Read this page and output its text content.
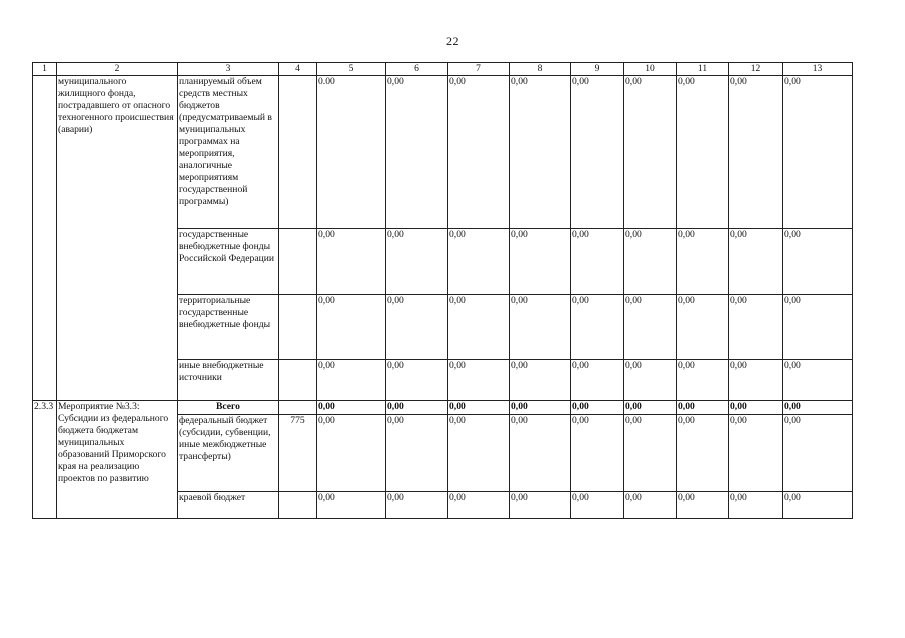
22
1	2	3	4	5	6	7	8	9	10	11	12	13
	муниципального жилищного фонда, пострадавшего от опасного техногенного происшествия (аварии)	планируемый объем средств местных бюджетов (предусматриваемый в муниципальных программах на мероприятия, аналогичные мероприятиям государственной программы)		0.00	0,00	0,00	0,00	0,00	0,00	0,00	0,00	0,00
		государственные внебюджетные фонды Российской Федерации		0,00	0,00	0,00	0,00	0,00	0,00	0,00	0,00	0,00
		территориальные государственные внебюджетные фонды		0,00	0,00	0,00	0,00	0,00	0,00	0,00	0,00	0,00
		иные внебюджетные источники		0,00	0,00	0,00	0,00	0,00	0,00	0,00	0,00	0,00
2.3.3	Мероприятие №3.3: Субсидии из федерального бюджета бюджетам муниципальных образований Приморского края на реализацию проектов по развитию	Всего		0,00	0,00	0,00	0,00	0,00	0,00	0,00	0,00	0,00
		федеральный бюджет (субсидии, субвенции, иные межбюджетные трансферты)	775	0,00	0,00	0,00	0,00	0,00	0,00	0,00	0,00	0,00
		краевой бюджет		0,00	0,00	0,00	0,00	0,00	0,00	0,00	0,00	0,00
